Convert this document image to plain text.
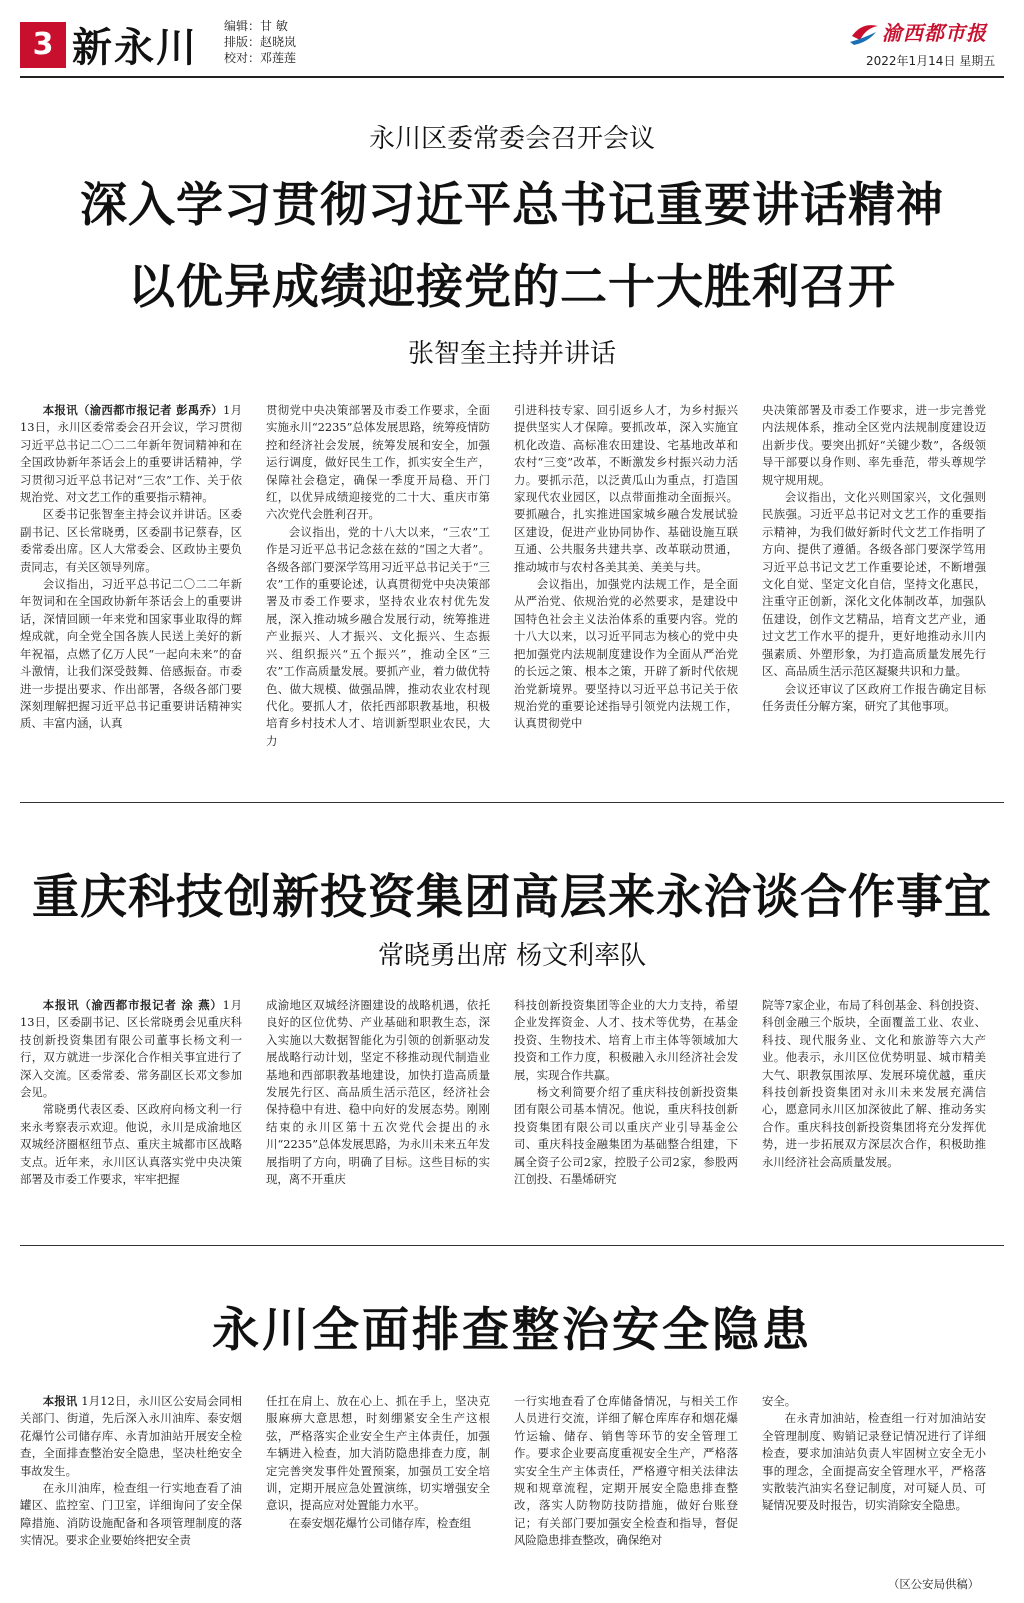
3 新永川 编辑：甘 敏
排版：赵晓岚
校对：邓莲莲
渝西都市报
2022年1月14日 星期五
永川区委常委会召开会议
深入学习贯彻习近平总书记重要讲话精神
以优异成绩迎接党的二十大胜利召开
张智奎主持并讲话

本报讯（渝西都市报记者 彭禹乔）1月13日，永川区委常委会召开会议，学习贯彻习近平总书记二〇二二年新年贺词精神和在全国政协新年茶话会上的重要讲话精神，学习贯彻习近平总书记对“三农”工作、关于依规治党、对文艺工作的重要指示精神。

区委书记张智奎主持会议并讲话。区委副书记、区长常晓勇，区委副书记蔡春，区委常委出席。区人大常委会、区政协主要负责同志，有关区领导列席。

会议指出，习近平总书记二〇二二年新年贺词和在全国政协新年茶话会上的重要讲话，深情回顾一年来党和国家事业取得的辉煌成就，向全党全国各族人民送上美好的新年祝福，点燃了亿万人民“一起向未来”的奋斗激情，让我们深受鼓舞、倍感振奋。市委进一步提出要求、作出部署，各级各部门要深刻理解把握习近平总书记重要讲话精神实质、丰富内涵，认真

贯彻党中央决策部署及市委工作要求，全面实施永川“2235”总体发展思路，统筹疫情防控和经济社会发展，统筹发展和安全，加强运行调度，做好民生工作，抓实安全生产，保障社会稳定，确保一季度开局稳、开门红，以优异成绩迎接党的二十大、重庆市第六次党代会胜利召开。

会议指出，党的十八大以来，“三农”工作是习近平总书记念兹在兹的“国之大者”。各级各部门要深学笃用习近平总书记关于“三农”工作的重要论述，认真贯彻党中央决策部署及市委工作要求，坚持农业农村优先发展，深入推动城乡融合发展行动，统筹推进产业振兴、人才振兴、文化振兴、生态振兴、组织振兴“五个振兴”，推动全区“三农”工作高质量发展。要抓产业，着力做优特色、做大规模、做强品牌，推动农业农村现代化。要抓人才，依托西部职教基地，积极培育乡村技术人才、培训新型职业农民，大力

引进科技专家、回引返乡人才，为乡村振兴提供坚实人才保障。要抓改革，深入实施宜机化改造、高标准农田建设、宅基地改革和农村“三变”改革，不断激发乡村振兴动力活力。要抓示范，以泛黄瓜山为重点，打造国家现代农业园区，以点带面推动全面振兴。要抓融合，扎实推进国家城乡融合发展试验区建设，促进产业协同协作、基础设施互联互通、公共服务共建共享、改革联动贯通，推动城市与农村各美其美、美美与共。

会议指出，加强党内法规工作，是全面从严治党、依规治党的必然要求，是建设中国特色社会主义法治体系的重要内容。党的十八大以来，以习近平同志为核心的党中央把加强党内法规制度建设作为全面从严治党的长远之策、根本之策，开辟了新时代依规治党新境界。要坚持以习近平总书记关于依规治党的重要论述指导引领党内法规工作，认真贯彻党中

央决策部署及市委工作要求，进一步完善党内法规体系，推动全区党内法规制度建设迈出新步伐。要突出抓好“关键少数”，各级领导干部要以身作则、率先垂范，带头尊规学规守规用规。

会议指出，文化兴则国家兴，文化强则民族强。习近平总书记对文艺工作的重要指示精神，为我们做好新时代文艺工作指明了方向、提供了遵循。各级各部门要深学笃用习近平总书记文艺工作重要论述，不断增强文化自觉、坚定文化自信，坚持文化惠民，注重守正创新，深化文化体制改革，加强队伍建设，创作文艺精品，培育文艺产业，通过文艺工作水平的提升，更好地推动永川内强素质、外塑形象，为打造高质量发展先行区、高品质生活示范区凝聚共识和力量。

会议还审议了区政府工作报告确定目标任务责任分解方案，研究了其他事项。

重庆科技创新投资集团高层来永洽谈合作事宜
常晓勇出席 杨文利率队

本报讯（渝西都市报记者 涂 燕）1月13日，区委副书记、区长常晓勇会见重庆科技创新投资集团有限公司董事长杨文利一行，双方就进一步深化合作相关事宜进行了深入交流。区委常委、常务副区长邓文参加会见。

常晓勇代表区委、区政府向杨文利一行来永考察表示欢迎。他说，永川是成渝地区双城经济圈枢纽节点、重庆主城都市区战略支点。近年来，永川区认真落实党中央决策部署及市委工作要求，牢牢把握

成渝地区双城经济圈建设的战略机遇，依托良好的区位优势、产业基础和职教生态，深入实施以大数据智能化为引领的创新驱动发展战略行动计划，坚定不移推动现代制造业基地和西部职教基地建设，加快打造高质量发展先行区、高品质生活示范区，经济社会保持稳中有进、稳中向好的发展态势。刚刚结束的永川区第十五次党代会提出的永川“2235”总体发展思路，为永川未来五年发展指明了方向，明确了目标。这些目标的实现，离不开重庆

科技创新投资集团等企业的大力支持，希望企业发挥资金、人才、技术等优势，在基金投资、生物技术、培育上市主体等领域加大投资和工作力度，积极融入永川经济社会发展，实现合作共赢。

杨文利简要介绍了重庆科技创新投资集团有限公司基本情况。他说，重庆科技创新投资集团有限公司以重庆产业引导基金公司、重庆科技金融集团为基础整合组建，下属全资子公司2家，控股子公司2家，参股两江创投、石墨烯研究

院等7家企业，布局了科创基金、科创投资、科创金融三个版块，全面覆盖工业、农业、科技、现代服务业、文化和旅游等六大产业。他表示，永川区位优势明显、城市精美大气、职教氛围浓厚、发展环境优越，重庆科技创新投资集团对永川未来发展充满信心，愿意同永川区加深彼此了解、推动务实合作。重庆科技创新投资集团将充分发挥优势，进一步拓展双方深层次合作，积极助推永川经济社会高质量发展。

永川全面排查整治安全隐患

本报讯 1月12日，永川区公安局会同相关部门、街道，先后深入永川油库、泰安烟花爆竹公司储存库、永青加油站开展安全检查，全面排查整治安全隐患，坚决杜绝安全事故发生。

在永川油库，检查组一行实地查看了油罐区、监控室、门卫室，详细询问了安全保障措施、消防设施配备和各项管理制度的落实情况。要求企业要始终把安全责

任扛在肩上、放在心上、抓在手上，坚决克服麻痹大意思想，时刻绷紧安全生产这根弦，严格落实企业安全生产主体责任，加强车辆进入检查，加大消防隐患排查力度，制定完善突发事件处置预案，加强员工安全培训，定期开展应急处置演练，切实增强安全意识，提高应对处置能力水平。

在泰安烟花爆竹公司储存库，检查组

一行实地查看了仓库储备情况，与相关工作人员进行交流，详细了解仓库库存和烟花爆竹运输、储存、销售等环节的安全管理工作。要求企业要高度重视安全生产，严格落实安全生产主体责任，严格遵守相关法律法规和规章流程，定期开展安全隐患排查整改，落实人防物防技防措施，做好台账登记；有关部门要加强安全检查和指导，督促风险隐患排查整改，确保绝对

安全。

在永青加油站，检查组一行对加油站安全管理制度、购销记录登记情况进行了详细检查，要求加油站负责人牢固树立安全无小事的理念，全面提高安全管理水平，严格落实散装汽油实名登记制度，对可疑人员、可疑情况要及时报告，切实消除安全隐患。

（区公安局供稿）
